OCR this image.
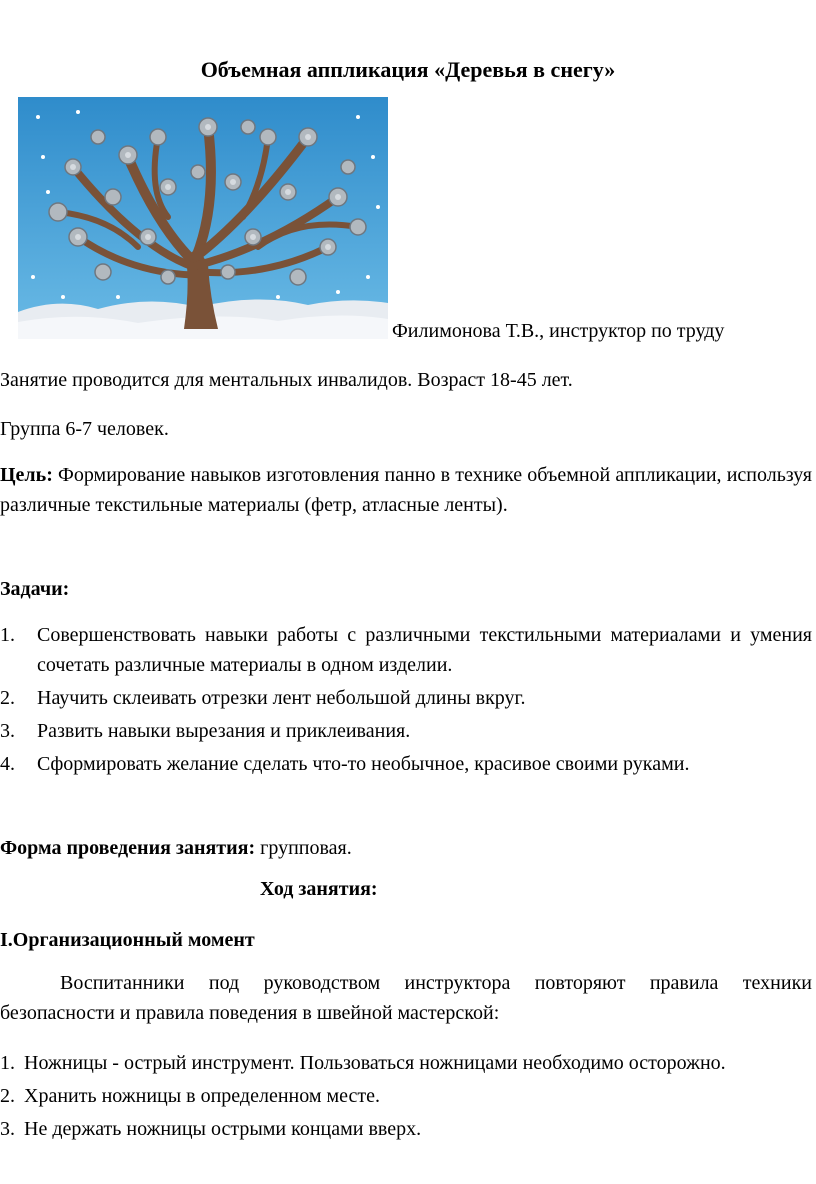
Объемная аппликация «Деревья в снегу»
Филимонова Т.В., инструктор по труду
Занятие проводится для ментальных инвалидов. Возраст 18-45 лет.
Группа 6-7 человек.
Цель: Формирование навыков изготовления панно в технике объемной аппликации, используя различные текстильные материалы (фетр, атласные ленты).
Задачи:
1.	Совершенствовать навыки работы с различными текстильными материалами и умения сочетать различные материалы в одном изделии.
2.	Научить склеивать отрезки лент небольшой длины вкруг.
3.	Развить навыки вырезания и приклеивания.
4.	Сформировать желание сделать что-то необычное, красивое своими руками.
Форма проведения занятия: групповая.
Ход занятия:
I.Организационный момент
Воспитанники под руководством инструктора повторяют правила техники безопасности и правила поведения в швейной мастерской:
1. Ножницы - острый инструмент. Пользоваться ножницами необходимо осторожно.
2. Хранить ножницы в определенном месте.
3. Не держать ножницы острыми концами вверх.
